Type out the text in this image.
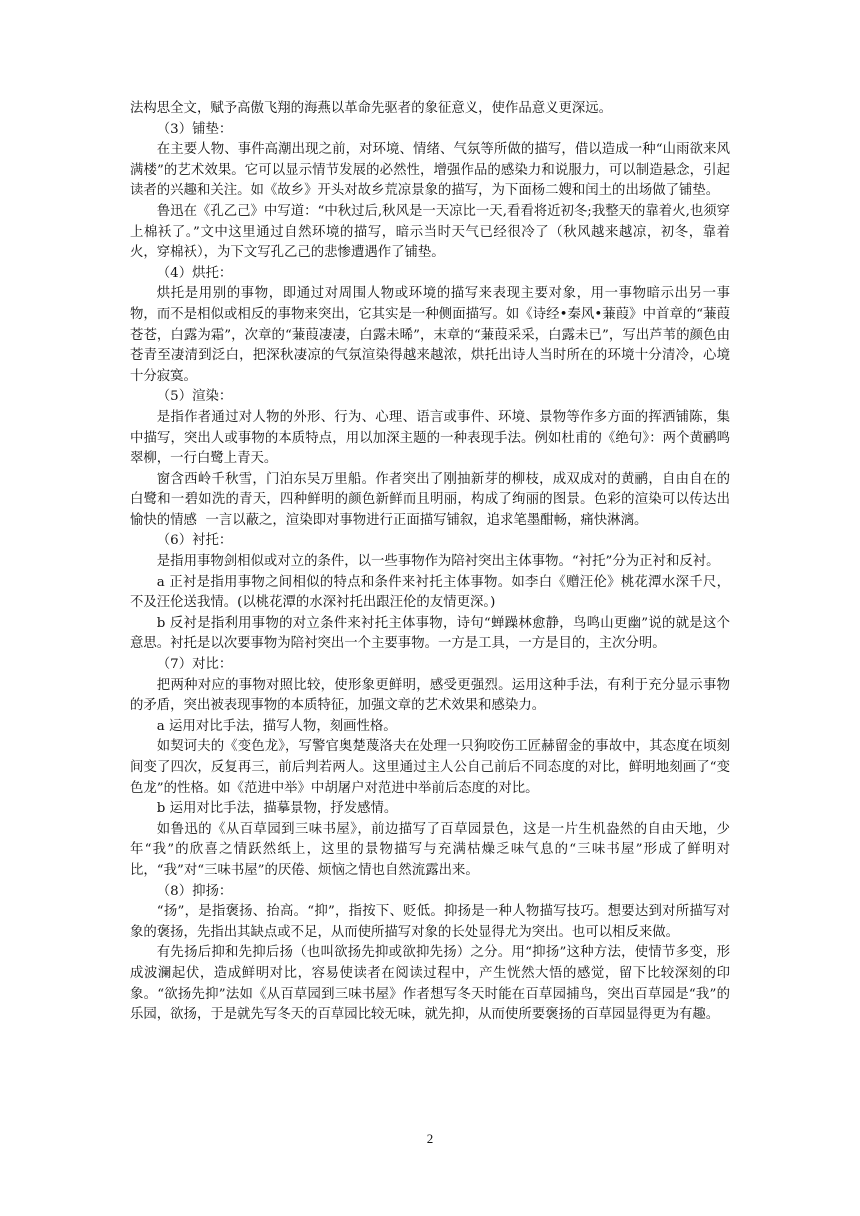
法构思全文，赋予高傲飞翔的海燕以革命先驱者的象征意义，使作品意义更深远。

（3）铺垫：

在主要人物、事件高潮出现之前，对环境、情绪、气氛等所做的描写，借以造成一种“山雨欲来风满楼”的艺术效果。它可以显示情节发展的必然性，增强作品的感染力和说服力，可以制造悬念，引起读者的兴趣和关注。如《故乡》开头对故乡荒凉景象的描写，为下面杨二嫂和闰土的出场做了铺垫。

鲁迅在《孔乙己》中写道：“中秋过后,秋风是一天凉比一天,看看将近初冬;我整天的靠着火,也须穿上棉袄了。”文中这里通过自然环境的描写，暗示当时天气已经很冷了（秋风越来越凉，初冬，靠着火，穿棉袄），为下文写孔乙己的悲惨遭遇作了铺垫。

（4）烘托：

烘托是用别的事物，即通过对周围人物或环境的描写来表现主要对象，用一事物暗示出另一事物，而不是相似或相反的事物来突出，它其实是一种侧面描写。如《诗经•秦风•蒹葭》中首章的“蒹葭苍苍，白露为霜”，次章的“蒹葭凄凄，白露未晞”，末章的“蒹葭采采，白露未已”，写出芦苇的颜色由苍青至凄清到泛白，把深秋凄凉的气氛渲染得越来越浓，烘托出诗人当时所在的环境十分清冷，心境十分寂寞。

（5）渲染：

是指作者通过对人物的外形、行为、心理、语言或事件、环境、景物等作多方面的挥洒铺陈，集中描写，突出人或事物的本质特点，用以加深主题的一种表现手法。例如杜甫的《绝句》：两个黄鹂鸣翠柳，一行白鹭上青天。

窗含西岭千秋雪，门泊东吴万里船。作者突出了刚抽新芽的柳枝，成双成对的黄鹂，自由自在的白鹭和一碧如洗的青天，四种鲜明的颜色新鲜而且明丽，构成了绚丽的图景。色彩的渲染可以传达出愉快的情感  一言以蔽之，渲染即对事物进行正面描写铺叙，追求笔墨酣畅，痛快淋漓。

（6）衬托：

是指用事物剑相似或对立的条件，以一些事物作为陪衬突出主体事物。“衬托”分为正衬和反衬。

a 正衬是指用事物之间相似的特点和条件来衬托主体事物。如李白《赠汪伦》桃花潭水深千尺，不及汪伦送我情。(以桃花潭的水深衬托出跟汪伦的友情更深。)

b 反衬是指利用事物的对立条件来衬托主体事物，诗句“蝉躁林愈静，鸟鸣山更幽”说的就是这个意思。衬托是以次要事物为陪衬突出一个主要事物。一方是工具，一方是目的，主次分明。

（7）对比：

把两种对应的事物对照比较，使形象更鲜明，感受更强烈。运用这种手法，有利于充分显示事物的矛盾，突出被表现事物的本质特征，加强文章的艺术效果和感染力。

a 运用对比手法，描写人物，刻画性格。

如契诃夫的《变色龙》，写警官奥楚蔑洛夫在处理一只狗咬伤工匠赫留金的事故中，其态度在顷刻间变了四次，反复再三，前后判若两人。这里通过主人公自己前后不同态度的对比，鲜明地刻画了“变色龙”的性格。如《范进中举》中胡屠户对范进中举前后态度的对比。

b 运用对比手法，描摹景物，抒发感情。

如鲁迅的《从百草园到三味书屋》，前边描写了百草园景色，这是一片生机盎然的自由天地，少年“我”的欣喜之情跃然纸上，这里的景物描写与充满枯燥乏味气息的“三味书屋”形成了鲜明对比，“我”对“三味书屋”的厌倦、烦恼之情也自然流露出来。

（8）抑扬：

“扬”，是指褒扬、抬高。“抑”，指按下、贬低。抑扬是一种人物描写技巧。想要达到对所描写对象的褒扬，先指出其缺点或不足，从而使所描写对象的长处显得尤为突出。也可以相反来做。

有先扬后抑和先抑后扬（也叫欲扬先抑或欲抑先扬）之分。用“抑扬”这种方法，使情节多变，形成波澜起伏，造成鲜明对比，容易使读者在阅读过程中，产生恍然大悟的感觉，留下比较深刻的印象。“欲扬先抑”法如《从百草园到三味书屋》作者想写冬天时能在百草园捕鸟，突出百草园是“我”的乐园，欲扬，于是就先写冬天的百草园比较无味，就先抑，从而使所要褒扬的百草园显得更为有趣。

2
